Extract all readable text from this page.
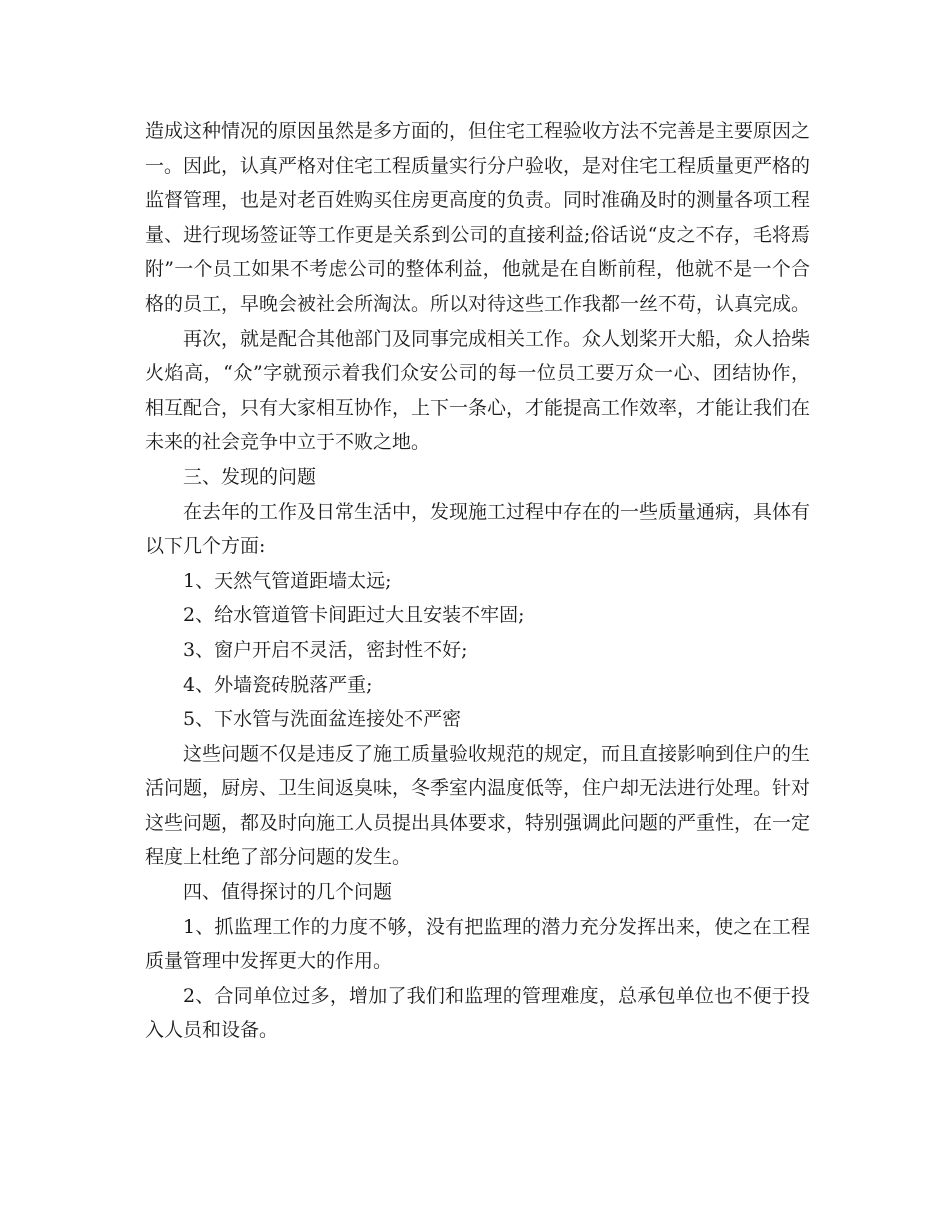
造成这种情况的原因虽然是多方面的，但住宅工程验收方法不完善是主要原因之一。因此，认真严格对住宅工程质量实行分户验收，是对住宅工程质量更严格的监督管理，也是对老百姓购买住房更高度的负责。同时准确及时的测量各项工程量、进行现场签证等工作更是关系到公司的直接利益;俗话说“皮之不存，毛将焉附”一个员工如果不考虑公司的整体利益，他就是在自断前程，他就不是一个合格的员工，早晚会被社会所淘汰。所以对待这些工作我都一丝不苟，认真完成。

再次，就是配合其他部门及同事完成相关工作。众人划桨开大船，众人拾柴火焰高，“众”字就预示着我们众安公司的每一位员工要万众一心、团结协作，相互配合，只有大家相互协作，上下一条心，才能提高工作效率，才能让我们在未来的社会竞争中立于不败之地。

三、发现的问题

在去年的工作及日常生活中，发现施工过程中存在的一些质量通病，具体有以下几个方面:

1、天然气管道距墙太远;

2、给水管道管卡间距过大且安装不牢固;

3、窗户开启不灵活，密封性不好;

4、外墙瓷砖脱落严重;

5、下水管与洗面盆连接处不严密

这些问题不仅是违反了施工质量验收规范的规定，而且直接影响到住户的生活问题，厨房、卫生间返臭味，冬季室内温度低等，住户却无法进行处理。针对这些问题，都及时向施工人员提出具体要求，特别强调此问题的严重性，在一定程度上杜绝了部分问题的发生。

四、值得探讨的几个问题

1、抓监理工作的力度不够，没有把监理的潜力充分发挥出来，使之在工程质量管理中发挥更大的作用。

2、合同单位过多，增加了我们和监理的管理难度，总承包单位也不便于投入人员和设备。
